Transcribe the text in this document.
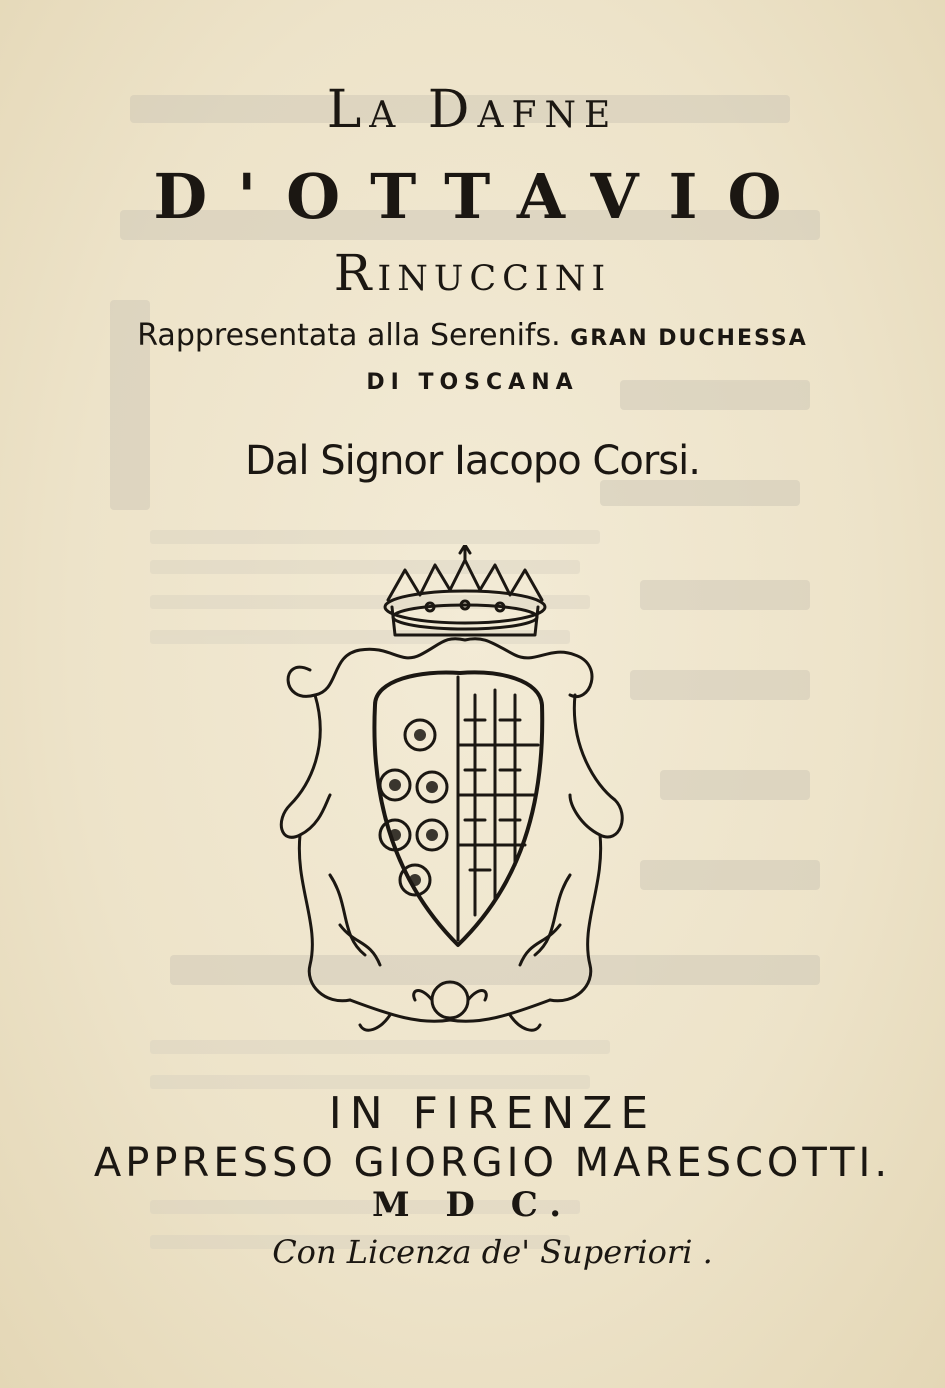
La Dafne
D'OTTAVIO
Rinuccini
Rappresentata alla Serenifs. GRAN DUCHESSA
DI TOSCANA
Dal Signor Iacopo Corsi.
IN FIRENZE
APPRESSO GIORGIO MARESCOTTI.
M D C.
Con Licenza de' Superiori .
